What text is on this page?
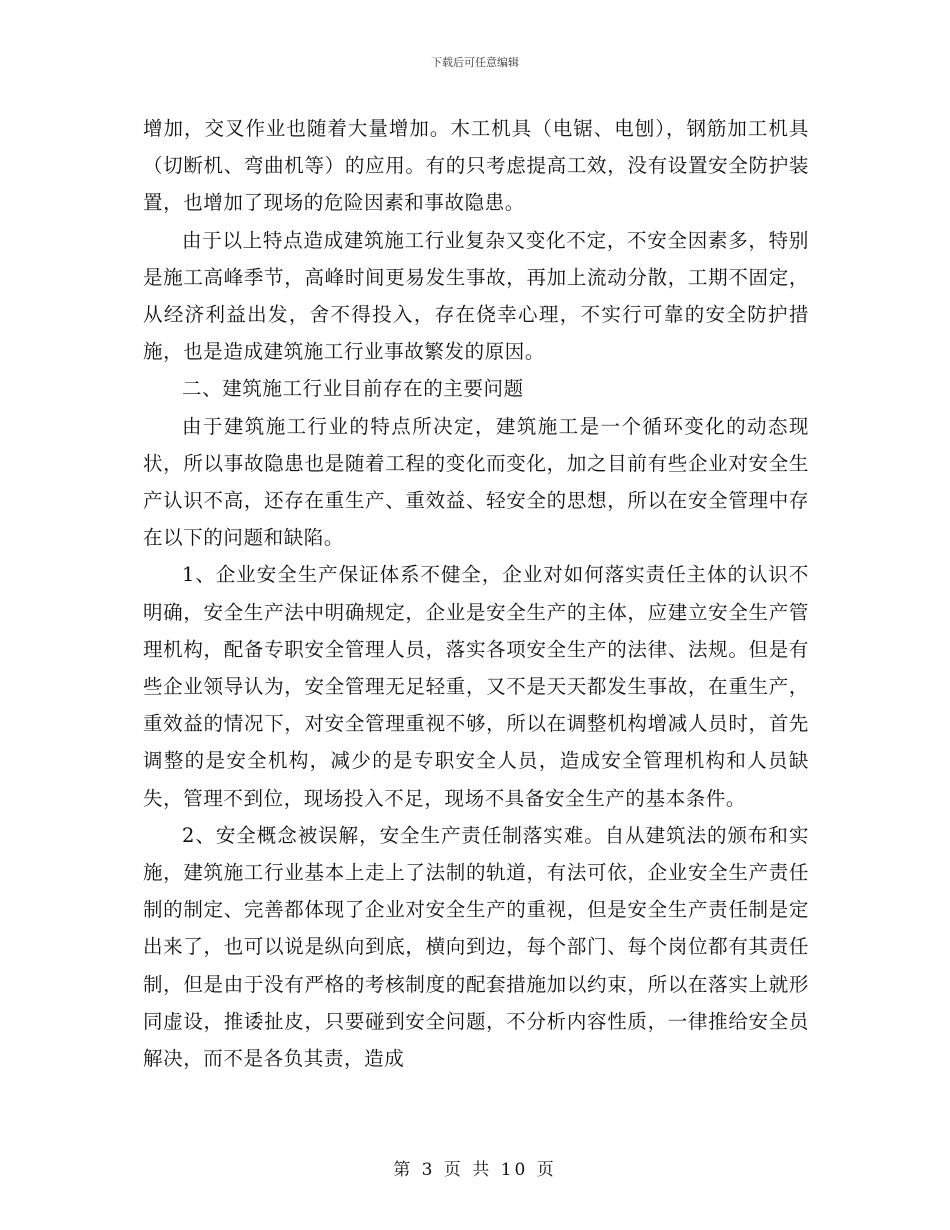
下载后可任意编辑

增加，交叉作业也随着大量增加。木工机具（电锯、电刨），钢筋加工机具（切断机、弯曲机等）的应用。有的只考虑提高工效，没有设置安全防护装置，也增加了现场的危险因素和事故隐患。

由于以上特点造成建筑施工行业复杂又变化不定，不安全因素多，特别是施工高峰季节，高峰时间更易发生事故，再加上流动分散，工期不固定，从经济利益出发，舍不得投入，存在侥幸心理，不实行可靠的安全防护措施，也是造成建筑施工行业事故繁发的原因。

二、建筑施工行业目前存在的主要问题

由于建筑施工行业的特点所决定，建筑施工是一个循环变化的动态现状，所以事故隐患也是随着工程的变化而变化，加之目前有些企业对安全生产认识不高，还存在重生产、重效益、轻安全的思想，所以在安全管理中存在以下的问题和缺陷。

1、企业安全生产保证体系不健全，企业对如何落实责任主体的认识不明确，安全生产法中明确规定，企业是安全生产的主体，应建立安全生产管理机构，配备专职安全管理人员，落实各项安全生产的法律、法规。但是有些企业领导认为，安全管理无足轻重，又不是天天都发生事故，在重生产，重效益的情况下，对安全管理重视不够，所以在调整机构增减人员时，首先调整的是安全机构，减少的是专职安全人员，造成安全管理机构和人员缺失，管理不到位，现场投入不足，现场不具备安全生产的基本条件。

2、安全概念被误解，安全生产责任制落实难。自从建筑法的颁布和实施，建筑施工行业基本上走上了法制的轨道，有法可依，企业安全生产责任制的制定、完善都体现了企业对安全生产的重视，但是安全生产责任制是定出来了，也可以说是纵向到底，横向到边，每个部门、每个岗位都有其责任制，但是由于没有严格的考核制度的配套措施加以约束，所以在落实上就形同虚设，推诿扯皮，只要碰到安全问题，不分析内容性质，一律推给安全员解决，而不是各负其责，造成

第 3 页 共 10 页
